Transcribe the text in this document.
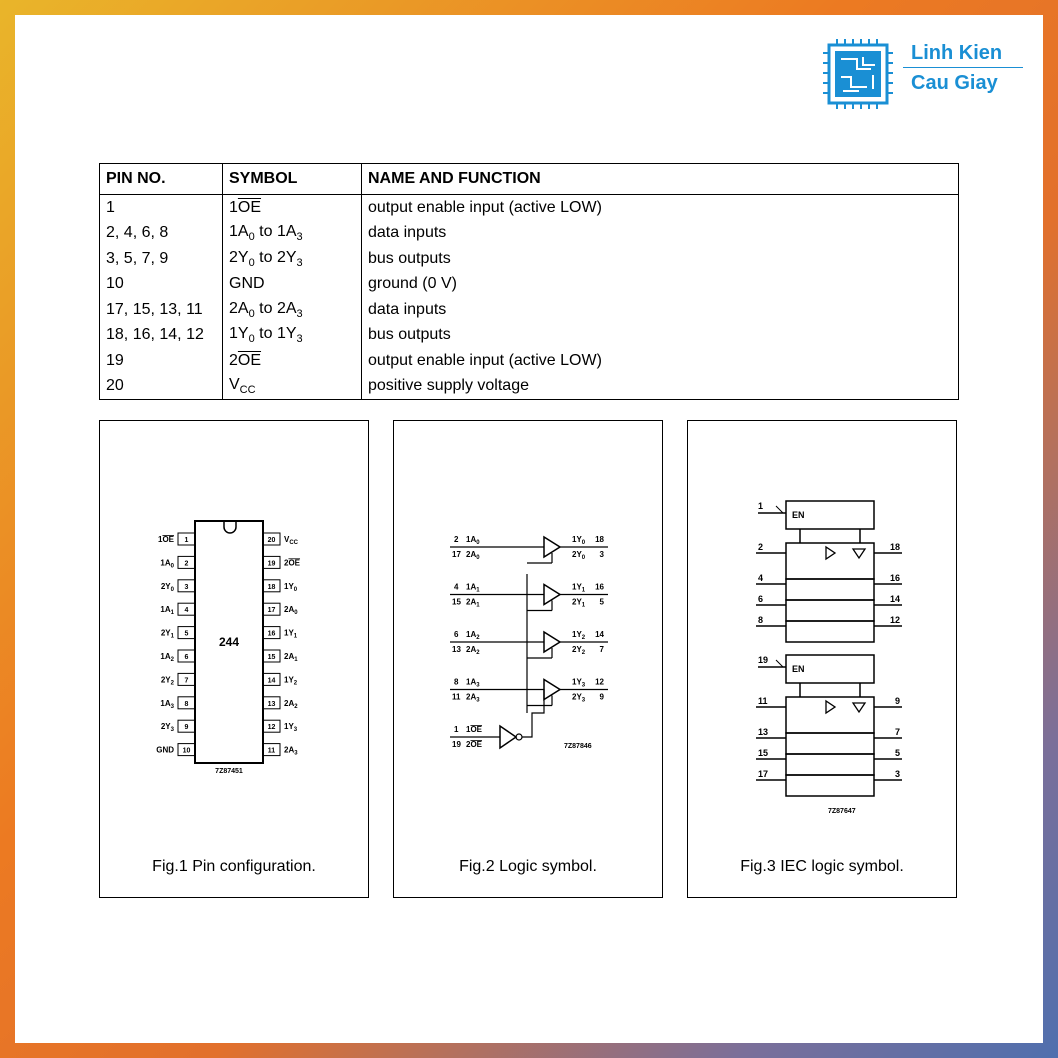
Linh Kien
Cau Giay
PIN NO.	SYMBOL	NAME AND FUNCTION
1	$1\overline{OE}$	output enable input (active LOW)
2, 4, 6, 8	$1A_0$ to $1A_3$	data inputs
3, 5, 7, 9	$2Y_0$ to $2Y_3$	bus outputs
10	GND	ground (0 V)
17, 15, 13, 11	$2A_0$ to $2A_3$	data inputs
18, 16, 14, 12	$1Y_0$ to $1Y_3$	bus outputs
19	$2\overline{OE}$	output enable input (active LOW)
20	$V_{CC}$	positive supply voltage
244
1
1OE
2
$1A_0$
3
$2Y_0$
4
$1A_1$
5
$2Y_1$
6
$1A_2$
7
$2Y_2$
8
$1A_3$
9
$2Y_3$
10
GND
20 $V_{CC}$
19 2OE
18 $1Y_0$
17 $2A_0$
16 $1Y_1$
15 $2A_1$
14 $1Y_2$
13 $2A_2$
12 $1Y_3$
11 $2A_3$
7Z87451
Fig.1 Pin configuration.
2 $1A_0$
17 $2A_0$
$1Y_0$ 18
$2Y_0$ 3
4 $1A_1$
15 $2A_1$
$1Y_1$ 16
$2Y_1$ 5
6 $1A_2$
13 $2A_2$
$1Y_2$ 14
$2Y_2$ 7
8 $1A_3$
11 $2A_3$
$1Y_3$ 12
$2Y_3$ 9
1 1OE
19 2OE	7Z87846
Fig.2 Logic symbol.
EN
1
2	18
4	16
6	14
8	12
EN
19
11	9
13	7
15	5
17	3
7Z87647
Fig.3 IEC logic symbol.
